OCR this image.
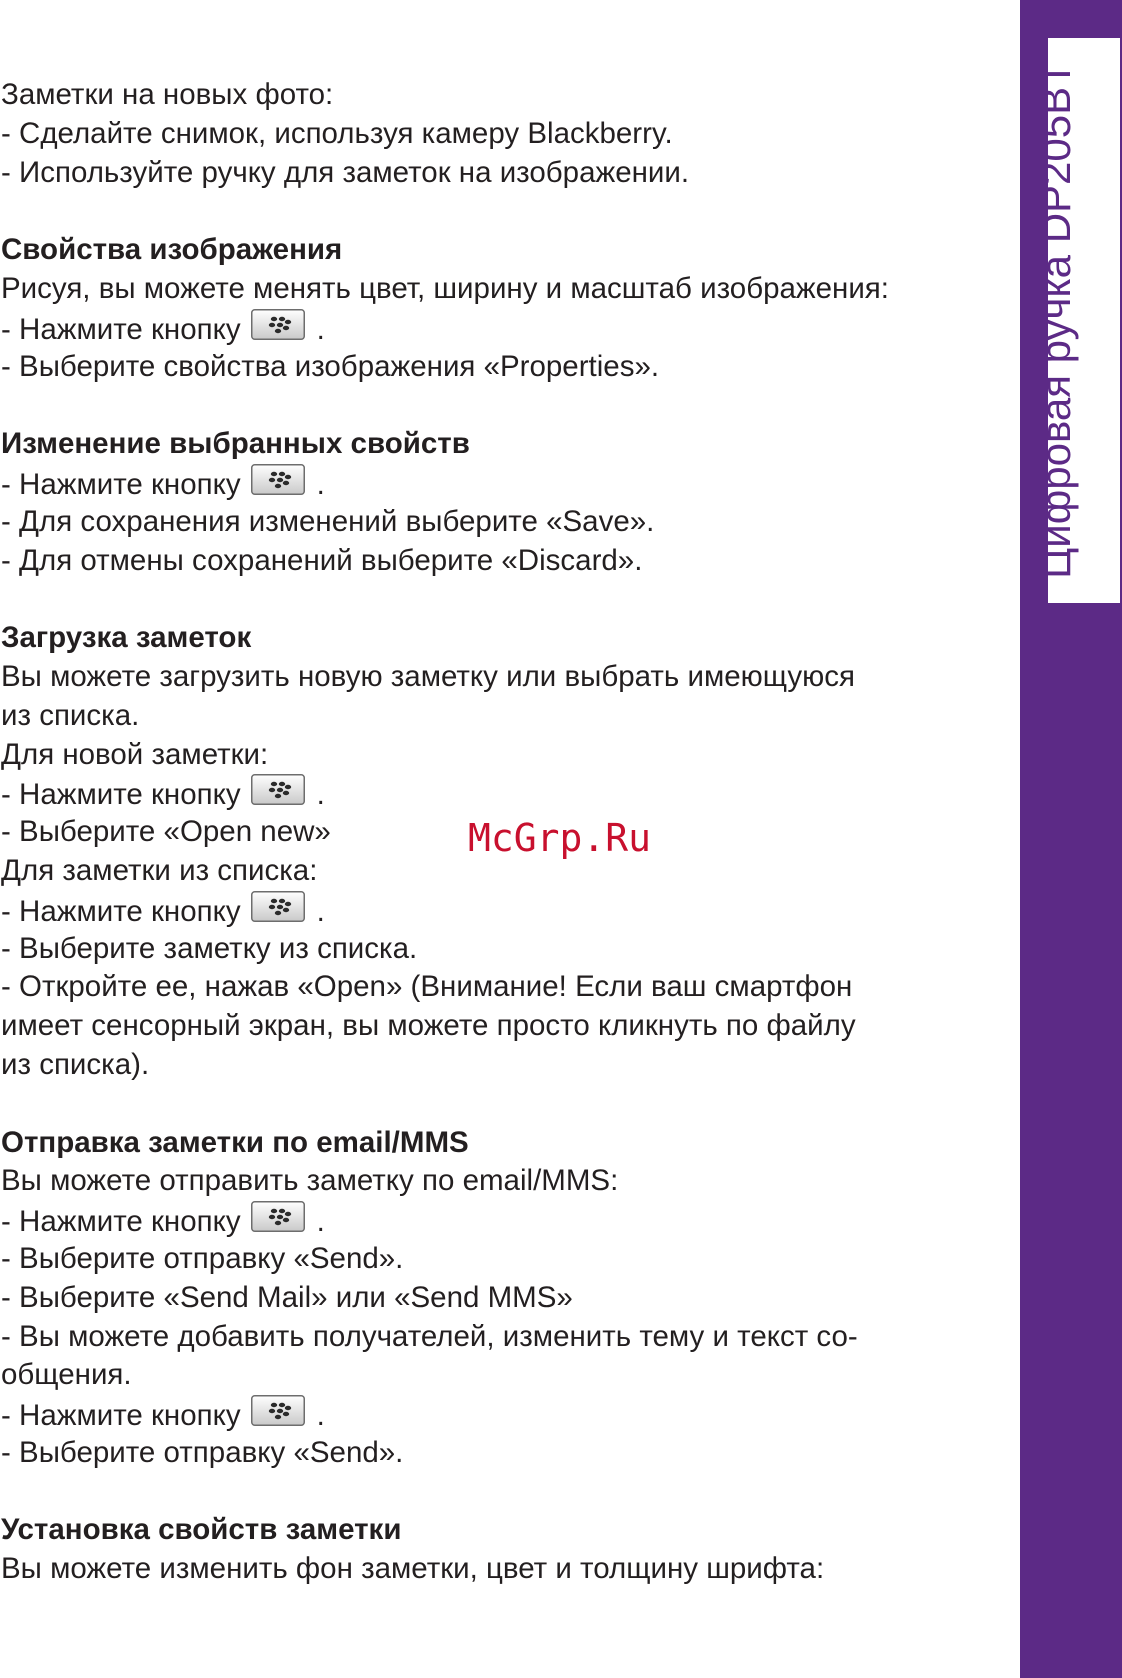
Заметки на новых фото:
- Сделайте снимок, используя камеру Blackberry.
- Используйте ручку для заметок на изображении.
Свойства изображения
Рисуя, вы можете менять цвет, ширину и масштаб изображения:
- Нажмите кнопку	.
- Выберите свойства изображения «Properties».
Изменение выбранных свойств
- Нажмите кнопку	.
- Для сохранения изменений выберите «Save».
- Для отмены сохранений выберите «Discard».
Загрузка заметок
Вы можете загрузить новую заметку или выбрать имеющуюся
из списка.
Для новой заметки:
- Нажмите кнопку	.
- Выберите «Open new»
Для заметки из списка:
- Нажмите кнопку	.
- Выберите заметку из списка.
- Откройте ее, нажав «Open» (Внимание! Если ваш смартфон
имеет сенсорный экран, вы можете просто кликнуть по файлу
из списка).
Отправка заметки по email/MMS
Вы можете отправить заметку по email/MMS:
- Нажмите кнопку	.
- Выберите отправку «Send».
- Выберите «Send Mail» или «Send MMS»
- Вы можете добавить получателей, изменить тему и текст со-
общения.
- Нажмите кнопку	.
- Выберите отправку «Send».
Установка свойств заметки
Вы можете изменить фон заметки, цвет и толщину шрифта:
McGrp.Ru
Цифровая ручка DP205BT
